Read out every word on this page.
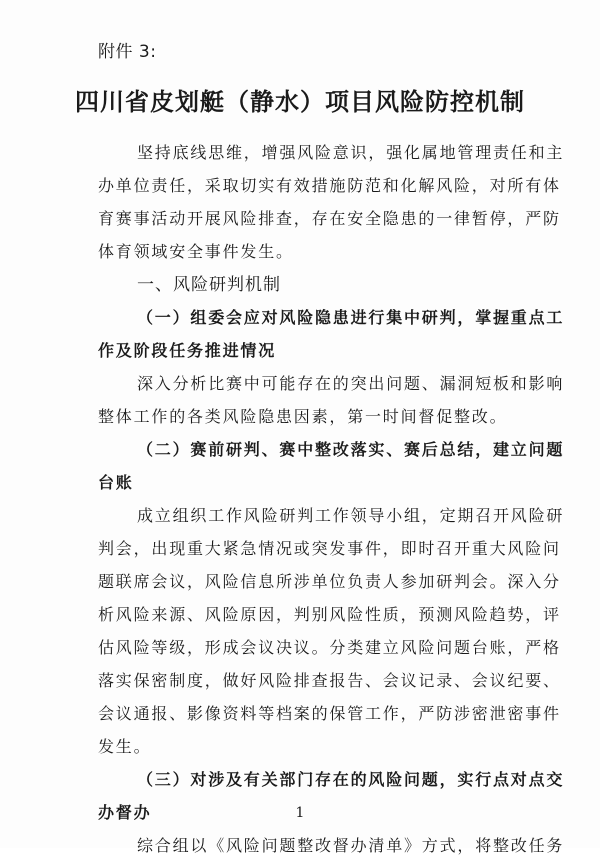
附件 3:
四川省皮划艇（静水）项目风险防控机制
坚持底线思维，增强风险意识，强化属地管理责任和主
办单位责任，采取切实有效措施防范和化解风险，对所有体
育赛事活动开展风险排查，存在安全隐患的一律暂停，严防
体育领域安全事件发生。
一、风险研判机制
（一）组委会应对风险隐患进行集中研判，掌握重点工
作及阶段任务推进情况
深入分析比赛中可能存在的突出问题、漏洞短板和影响
整体工作的各类风险隐患因素，第一时间督促整改。
（二）赛前研判、赛中整改落实、赛后总结，建立问题
台账
成立组织工作风险研判工作领导小组，定期召开风险研
判会，出现重大紧急情况或突发事件，即时召开重大风险问
题联席会议，风险信息所涉单位负责人参加研判会。深入分
析风险来源、风险原因，判别风险性质，预测风险趋势，评
估风险等级，形成会议决议。分类建立风险问题台账，严格
落实保密制度，做好风险排查报告、会议记录、会议纪要、
会议通报、影像资料等档案的保管工作，严防涉密泄密事件
发生。
（三）对涉及有关部门存在的风险问题，实行点对点交
办督办
综合组以《风险问题整改督办清单》方式，将整改任务
1
